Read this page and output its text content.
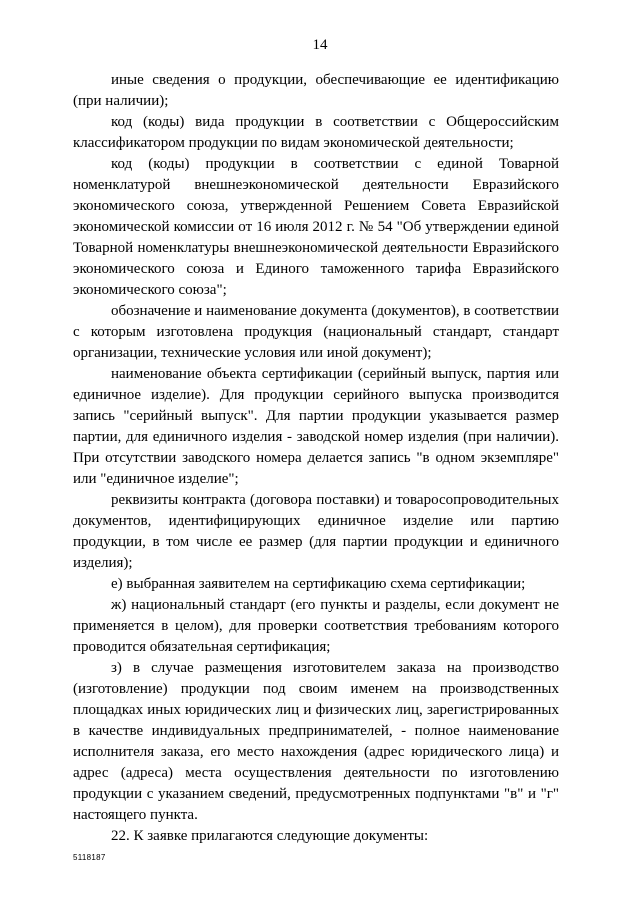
14

иные сведения о продукции, обеспечивающие ее идентификацию (при наличии);

код (коды) вида продукции в соответствии с Общероссийским классификатором продукции по видам экономической деятельности;

код (коды) продукции в соответствии с единой Товарной номенклатурой внешнеэкономической деятельности Евразийского экономического союза, утвержденной Решением Совета Евразийской экономической комиссии от 16 июля 2012 г. № 54 "Об утверждении единой Товарной номенклатуры внешнеэкономической деятельности Евразийского экономического союза и Единого таможенного тарифа Евразийского экономического союза";

обозначение и наименование документа (документов), в соответствии с которым изготовлена продукция (национальный стандарт, стандарт организации, технические условия или иной документ);

наименование объекта сертификации (серийный выпуск, партия или единичное изделие). Для продукции серийного выпуска производится запись "серийный выпуск". Для партии продукции указывается размер партии, для единичного изделия - заводской номер изделия (при наличии). При отсутствии заводского номера делается запись "в одном экземпляре" или "единичное изделие";

реквизиты контракта (договора поставки) и товаросопроводительных документов, идентифицирующих единичное изделие или партию продукции, в том числе ее размер (для партии продукции и единичного изделия);

е) выбранная заявителем на сертификацию схема сертификации;

ж) национальный стандарт (его пункты и разделы, если документ не применяется в целом), для проверки соответствия требованиям которого проводится обязательная сертификация;

з) в случае размещения изготовителем заказа на производство (изготовление) продукции под своим именем на производственных площадках иных юридических лиц и физических лиц, зарегистрированных в качестве индивидуальных предпринимателей, - полное наименование исполнителя заказа, его место нахождения (адрес юридического лица) и адрес (адреса) места осуществления деятельности по изготовлению продукции с указанием сведений, предусмотренных подпунктами "в" и "г" настоящего пункта.

22. К заявке прилагаются следующие документы:

5118187
